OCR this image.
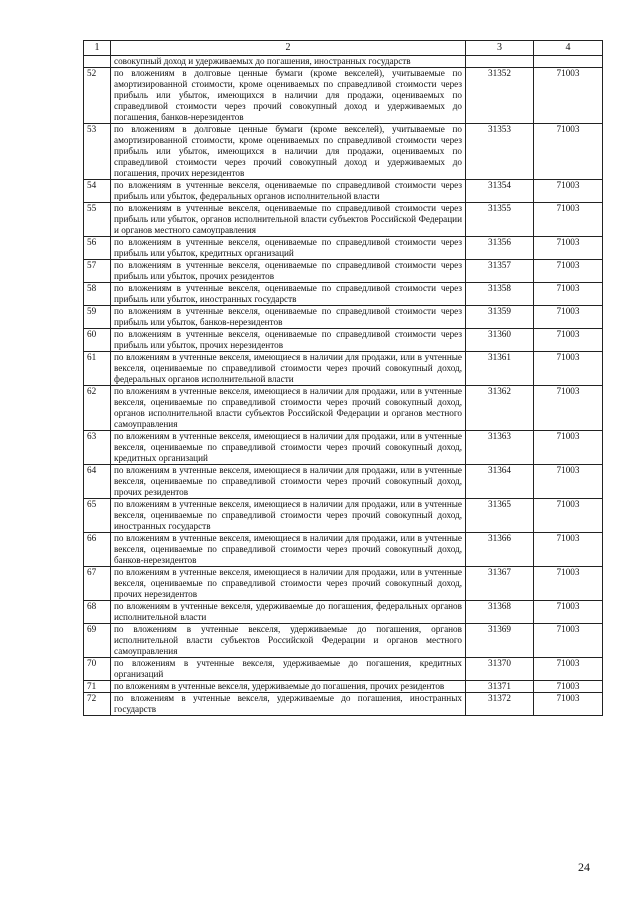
1	2	3	4
	совокупный доход и удерживаемых до погашения, иностранных государств		
52	по вложениям в долговые ценные бумаги (кроме векселей), учитываемые по амортизированной стоимости, кроме оцениваемых по справедливой стоимости через прибыль или убыток, имеющихся в наличии для продажи, оцениваемых по справедливой стоимости через прочий совокупный доход и удерживаемых до погашения, банков-нерезидентов	31352	71003
53	по вложениям в долговые ценные бумаги (кроме векселей), учитываемые по амортизированной стоимости, кроме оцениваемых по справедливой стоимости через прибыль или убыток, имеющихся в наличии для продажи, оцениваемых по справедливой стоимости через прочий совокупный доход и удерживаемых до погашения, прочих нерезидентов	31353	71003
54	по вложениям в учтенные векселя, оцениваемые по справедливой стоимости через прибыль или убыток, федеральных органов исполнительной власти	31354	71003
55	по вложениям в учтенные векселя, оцениваемые по справедливой стоимости через прибыль или убыток, органов исполнительной власти субъектов Российской Федерации и органов местного самоуправления	31355	71003
56	по вложениям в учтенные векселя, оцениваемые по справедливой стоимости через прибыль или убыток, кредитных организаций	31356	71003
57	по вложениям в учтенные векселя, оцениваемые по справедливой стоимости через прибыль или убыток, прочих резидентов	31357	71003
58	по вложениям в учтенные векселя, оцениваемые по справедливой стоимости через прибыль или убыток, иностранных государств	31358	71003
59	по вложениям в учтенные векселя, оцениваемые по справедливой стоимости через прибыль или убыток, банков-нерезидентов	31359	71003
60	по вложениям в учтенные векселя, оцениваемые по справедливой стоимости через прибыль или убыток, прочих нерезидентов	31360	71003
61	по вложениям в учтенные векселя, имеющиеся в наличии для продажи, или в учтенные векселя, оцениваемые по справедливой стоимости через прочий совокупный доход, федеральных органов исполнительной власти	31361	71003
62	по вложениям в учтенные векселя, имеющиеся в наличии для продажи, или в учтенные векселя, оцениваемые по справедливой стоимости через прочий совокупный доход, органов исполнительной власти субъектов Российской Федерации и органов местного самоуправления	31362	71003
63	по вложениям в учтенные векселя, имеющиеся в наличии для продажи, или в учтенные векселя, оцениваемые по справедливой стоимости через прочий совокупный доход, кредитных организаций	31363	71003
64	по вложениям в учтенные векселя, имеющиеся в наличии для продажи, или в учтенные векселя, оцениваемые по справедливой стоимости через прочий совокупный доход, прочих резидентов	31364	71003
65	по вложениям в учтенные векселя, имеющиеся в наличии для продажи, или в учтенные векселя, оцениваемые по справедливой стоимости через прочий совокупный доход, иностранных государств	31365	71003
66	по вложениям в учтенные векселя, имеющиеся в наличии для продажи, или в учтенные векселя, оцениваемые по справедливой стоимости через прочий совокупный доход, банков-нерезидентов	31366	71003
67	по вложениям в учтенные векселя, имеющиеся в наличии для продажи, или в учтенные векселя, оцениваемые по справедливой стоимости через прочий совокупный доход, прочих нерезидентов	31367	71003
68	по вложениям в учтенные векселя, удерживаемые до погашения, федеральных органов исполнительной власти	31368	71003
69	по вложениям в учтенные векселя, удерживаемые до погашения, органов исполнительной власти субъектов Российской Федерации и органов местного самоуправления	31369	71003
70	по вложениям в учтенные векселя, удерживаемые до погашения, кредитных организаций	31370	71003
71	по вложениям в учтенные векселя, удерживаемые до погашения, прочих резидентов	31371	71003
72	по вложениям в учтенные векселя, удерживаемые до погашения, иностранных государств	31372	71003
24
